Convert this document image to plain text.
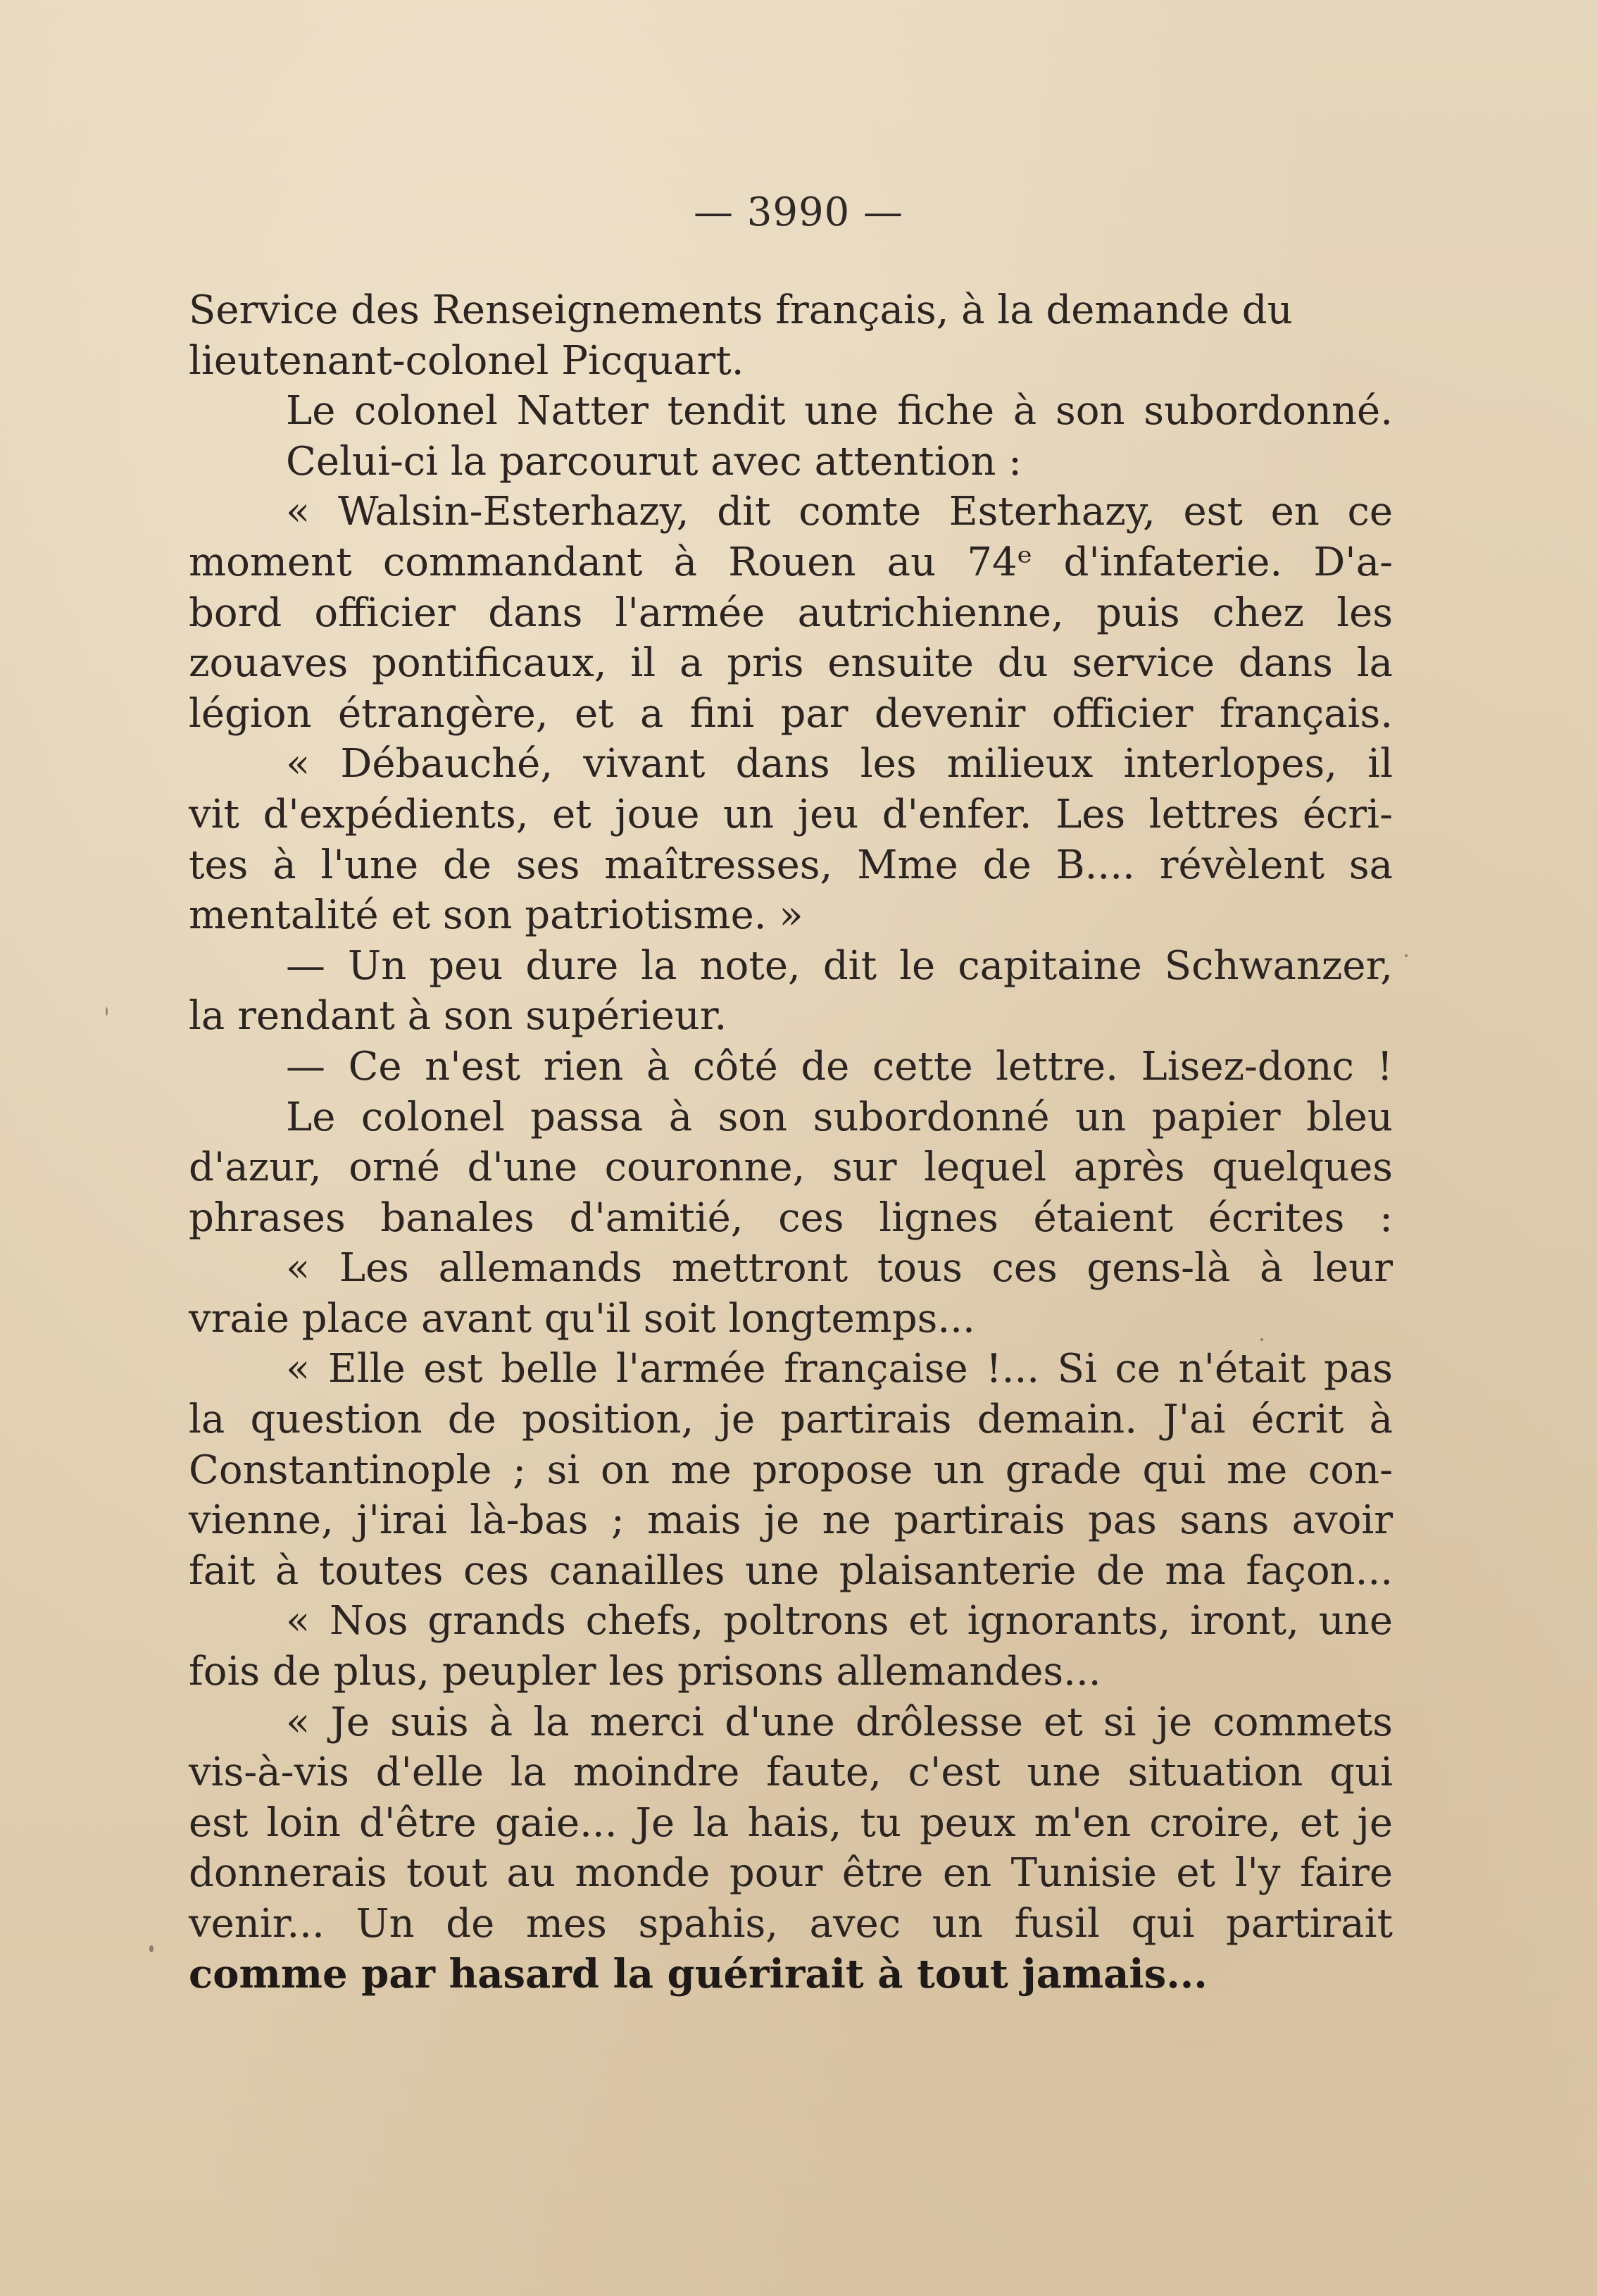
— 3990 —
Service des Renseignements français, à la demande du
lieutenant-colonel Picquart.
Le colonel Natter tendit une fiche à son subordonné.
Celui-ci la parcourut avec attention :
« Walsin-Esterhazy, dit comte Esterhazy, est en ce
moment commandant à Rouen au 74ᵉ d'infaterie. D'a-
bord officier dans l'armée autrichienne, puis chez les
zouaves pontificaux, il a pris ensuite du service dans la
légion étrangère, et a fini par devenir officier français.
« Débauché, vivant dans les milieux interlopes, il
vit d'expédients, et joue un jeu d'enfer. Les lettres écri-
tes à l'une de ses maîtresses, Mme de B.... révèlent sa
mentalité et son patriotisme. »
— Un peu dure la note, dit le capitaine Schwanzer,
la rendant à son supérieur.
— Ce n'est rien à côté de cette lettre. Lisez-donc !
Le colonel passa à son subordonné un papier bleu
d'azur, orné d'une couronne, sur lequel après quelques
phrases banales d'amitié, ces lignes étaient écrites :
« Les allemands mettront tous ces gens-là à leur
vraie place avant qu'il soit longtemps...
« Elle est belle l'armée française !... Si ce n'était pas
la question de position, je partirais demain. J'ai écrit à
Constantinople ; si on me propose un grade qui me con-
vienne, j'irai là-bas ; mais je ne partirais pas sans avoir
fait à toutes ces canailles une plaisanterie de ma façon...
« Nos grands chefs, poltrons et ignorants, iront, une
fois de plus, peupler les prisons allemandes...
« Je suis à la merci d'une drôlesse et si je commets
vis-à-vis d'elle la moindre faute, c'est une situation qui
est loin d'être gaie... Je la hais, tu peux m'en croire, et je
donnerais tout au monde pour être en Tunisie et l'y faire
venir... Un de mes spahis, avec un fusil qui partirait
comme par hasard la guérirait à tout jamais...
